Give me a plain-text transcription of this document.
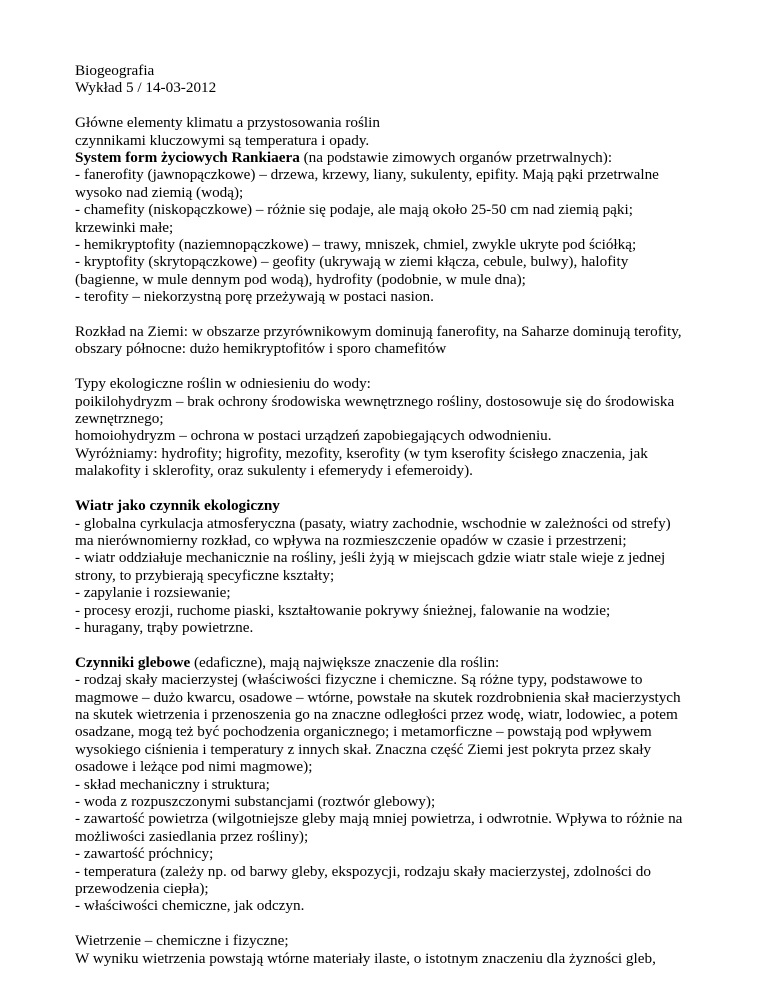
Biogeografia
Wykład 5 / 14-03-2012
Główne elementy klimatu a przystosowania roślin
czynnikami kluczowymi są temperatura i opady.
System form życiowych Rankiaera (na podstawie zimowych organów przetrwalnych):
- fanerofity (jawnopączkowe) – drzewa, krzewy, liany, sukulenty, epifity. Mają pąki przetrwalne
wysoko nad ziemią (wodą);
- chamefity (niskopączkowe) – różnie się podaje, ale mają około 25-50 cm nad ziemią pąki;
krzewinki małe;
- hemikryptofity (naziemnopączkowe) – trawy, mniszek, chmiel, zwykle ukryte pod ściółką;
- kryptofity (skrytopączkowe) – geofity (ukrywają w ziemi kłącza, cebule, bulwy), halofity
(bagienne, w mule dennym pod wodą), hydrofity (podobnie, w mule dna);
- terofity – niekorzystną porę przeżywają w postaci nasion.
Rozkład na Ziemi: w obszarze przyrównikowym dominują fanerofity, na Saharze dominują terofity,
obszary północne: dużo hemikryptofitów i sporo chamefitów
Typy ekologiczne roślin w odniesieniu do wody:
poikilohydryzm – brak ochrony środowiska wewnętrznego rośliny, dostosowuje się do środowiska
zewnętrznego;
homoiohydryzm – ochrona w postaci urządzeń zapobiegających odwodnieniu.
Wyróżniamy: hydrofity; higrofity, mezofity, kserofity (w tym kserofity ścisłego znaczenia, jak
malakofity i sklerofity, oraz sukulenty i efemerydy i efemeroidy).
Wiatr jako czynnik ekologiczny
- globalna cyrkulacja atmosferyczna (pasaty, wiatry zachodnie, wschodnie w zależności od strefy)
ma nierównomierny rozkład, co wpływa na rozmieszczenie opadów w czasie i przestrzeni;
- wiatr oddziałuje mechanicznie na rośliny, jeśli żyją w miejscach gdzie wiatr stale wieje z jednej
strony, to przybierają specyficzne kształty;
- zapylanie i rozsiewanie;
- procesy erozji, ruchome piaski, kształtowanie pokrywy śnieżnej, falowanie na wodzie;
- huragany, trąby powietrzne.
Czynniki glebowe (edaficzne), mają największe znaczenie dla roślin:
- rodzaj skały macierzystej (właściwości fizyczne i chemiczne. Są różne typy, podstawowe to
magmowe – dużo kwarcu, osadowe – wtórne, powstałe na skutek rozdrobnienia skał macierzystych
na skutek wietrzenia i przenoszenia go na znaczne odległości przez wodę, wiatr, lodowiec, a potem
osadzane, mogą też być pochodzenia organicznego; i metamorficzne – powstają pod wpływem
wysokiego ciśnienia i temperatury z innych skał. Znaczna część Ziemi jest pokryta przez skały
osadowe i leżące pod nimi magmowe);
- skład mechaniczny i struktura;
- woda z rozpuszczonymi substancjami (roztwór glebowy);
- zawartość powietrza (wilgotniejsze gleby mają mniej powietrza, i odwrotnie. Wpływa to różnie na
możliwości zasiedlania przez rośliny);
- zawartość próchnicy;
- temperatura (zależy np. od barwy gleby, ekspozycji, rodzaju skały macierzystej, zdolności do
przewodzenia ciepła);
- właściwości chemiczne, jak odczyn.
Wietrzenie – chemiczne i fizyczne;
W wyniku wietrzenia powstają wtórne materiały ilaste, o istotnym znaczeniu dla żyzności gleb,
